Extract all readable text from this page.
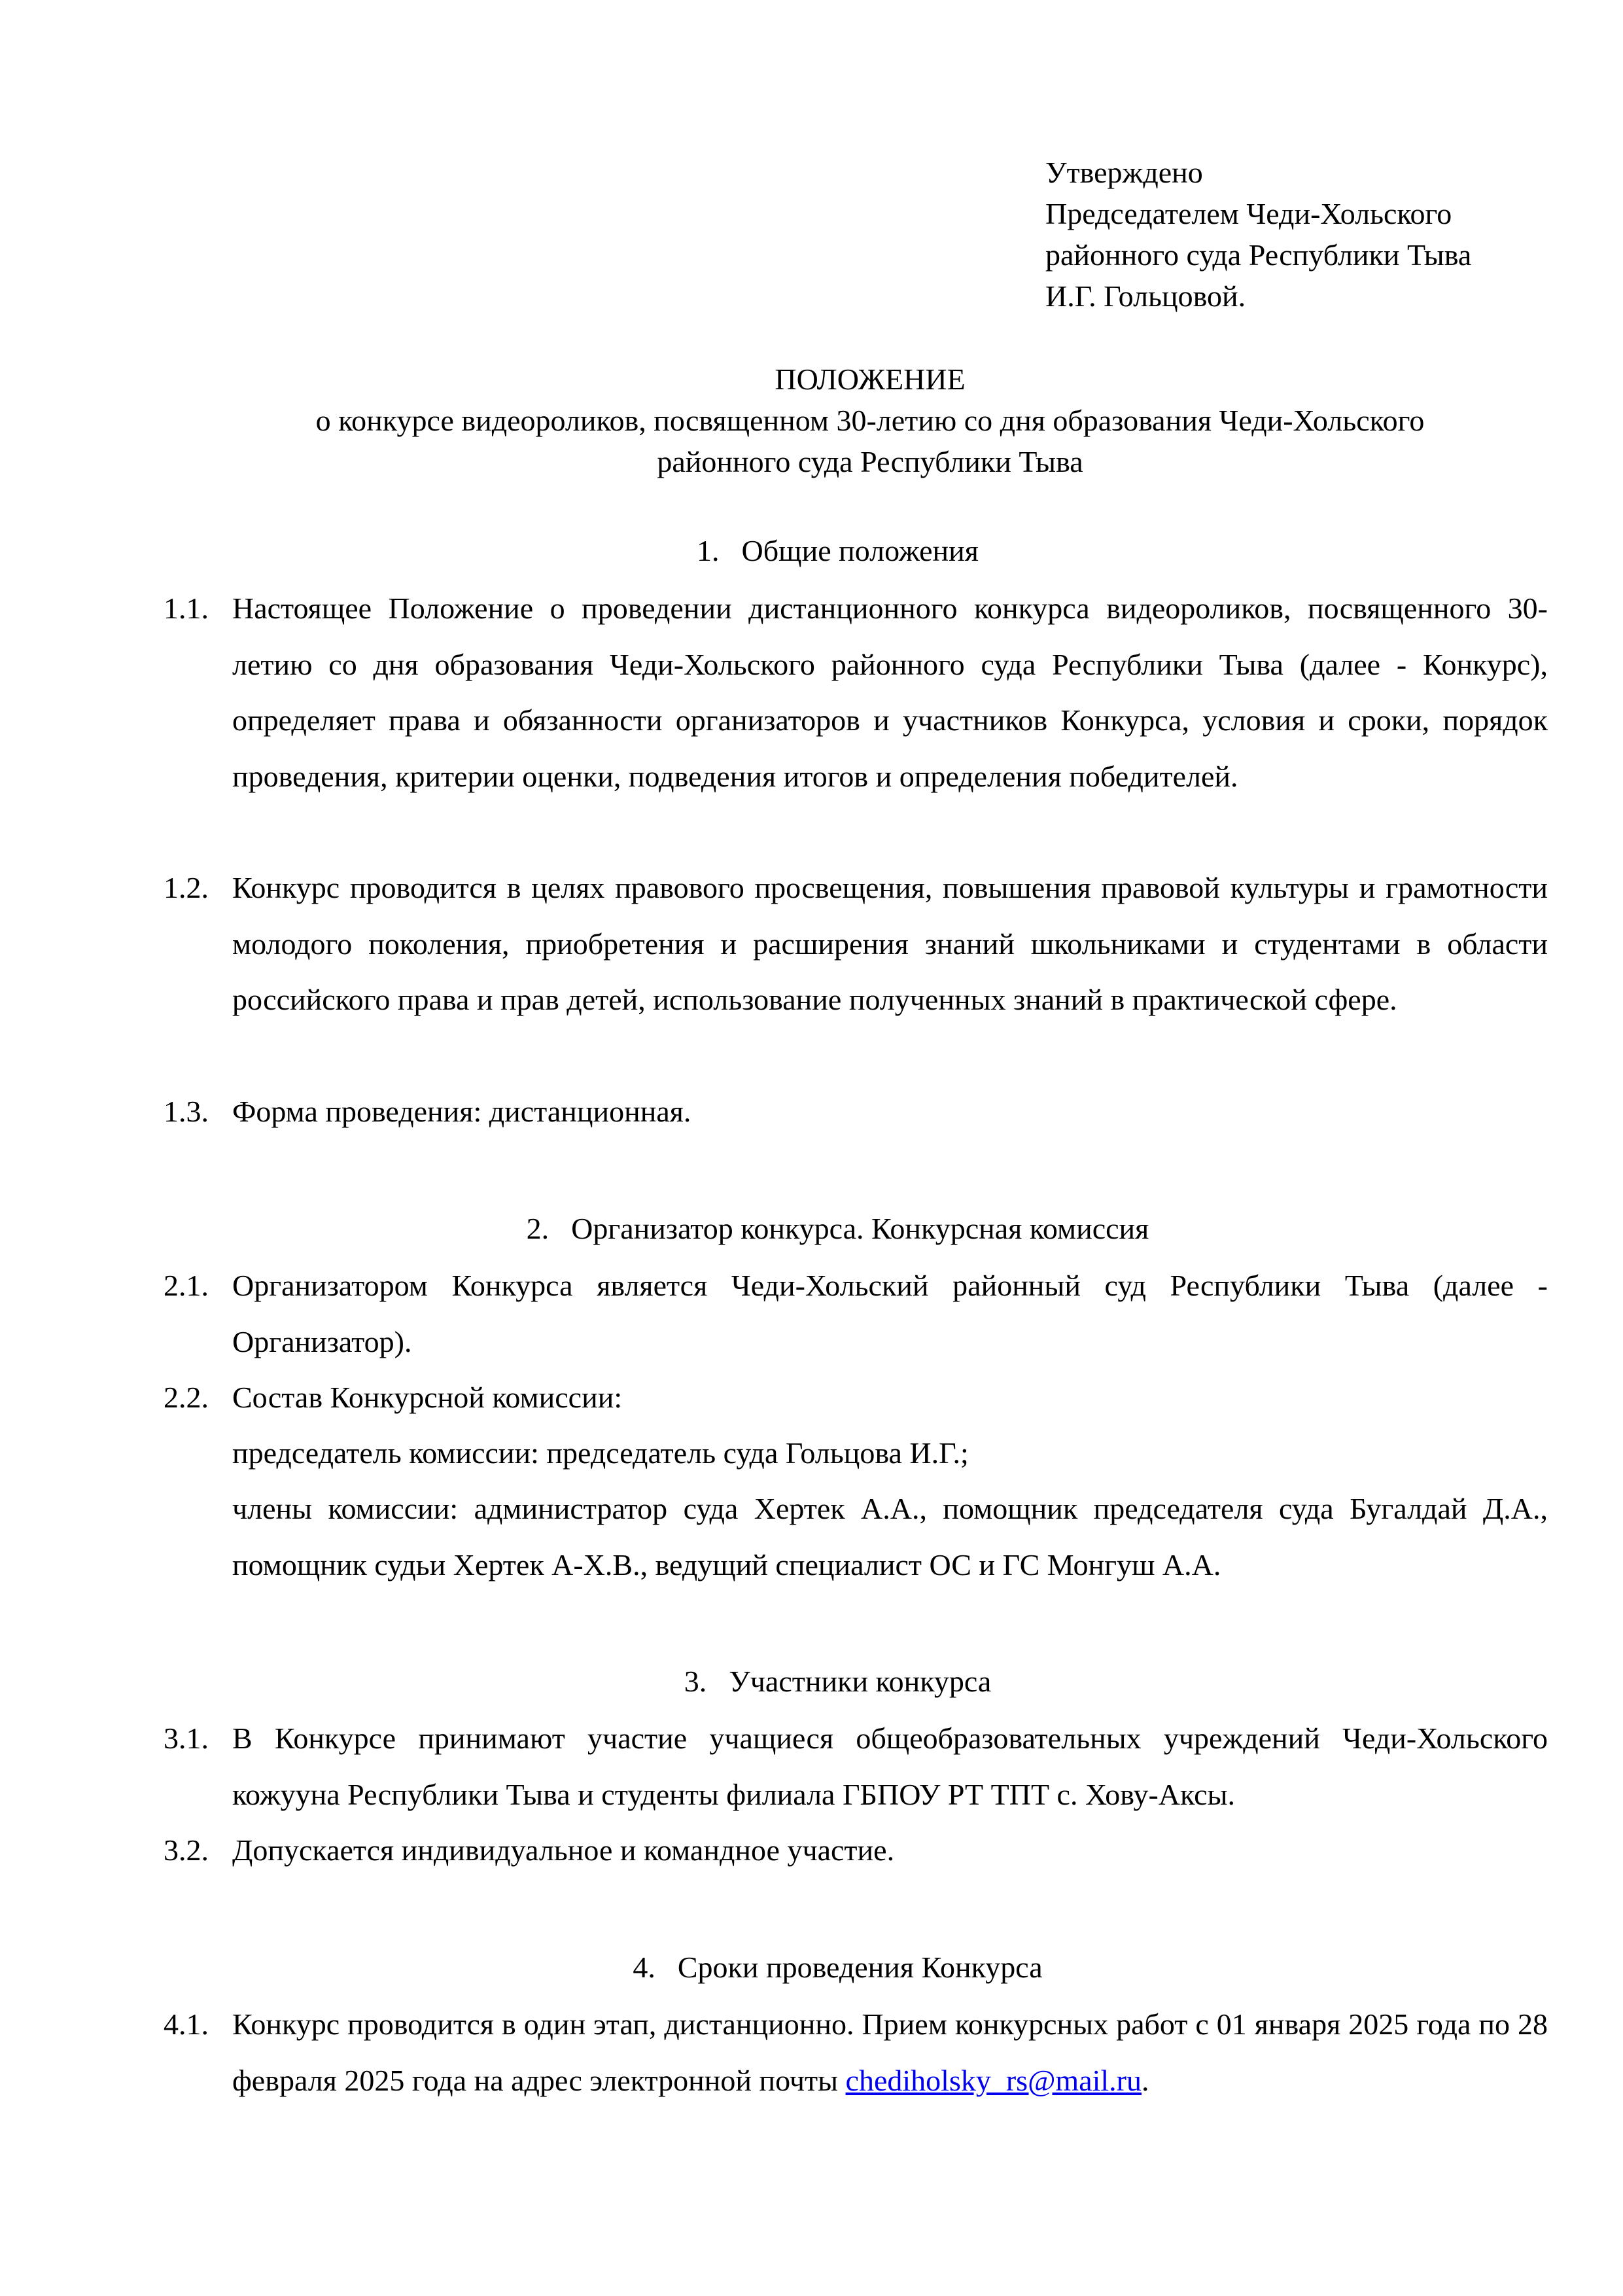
Утверждено
Председателем Чеди-Хольского
районного суда Республики Тыва
И.Г. Гольцовой.
ПОЛОЖЕНИЕ
о конкурсе видеороликов, посвященном 30-летию со дня образования Чеди-Хольского
районного суда Республики Тыва
1. Общие положения
1.1. Настоящее Положение о проведении дистанционного конкурса видеороликов, посвященного 30-летию со дня образования Чеди-Хольского районного суда Республики Тыва (далее - Конкурс), определяет права и обязанности организаторов и участников Конкурса, условия и сроки, порядок проведения, критерии оценки, подведения итогов и определения победителей.
1.2. Конкурс проводится в целях правового просвещения, повышения правовой культуры и грамотности молодого поколения, приобретения и расширения знаний школьниками и студентами в области российского права и прав детей, использование полученных знаний в практической сфере.
1.3. Форма проведения: дистанционная.
2. Организатор конкурса. Конкурсная комиссия
2.1. Организатором Конкурса является Чеди-Хольский районный суд Республики Тыва (далее - Организатор).
2.2. Состав Конкурсной комиссии:
председатель комиссии: председатель суда Гольцова И.Г.;
члены комиссии: администратор суда Хертек А.А., помощник председателя суда Бугалдай Д.А., помощник судьи Хертек А-Х.В., ведущий специалист ОС и ГС Монгуш А.А.
3. Участники конкурса
3.1. В Конкурсе принимают участие учащиеся общеобразовательных учреждений Чеди-Хольского кожууна Республики Тыва и студенты филиала ГБПОУ РТ ТПТ с. Хову-Аксы.
3.2. Допускается индивидуальное и командное участие.
4. Сроки проведения Конкурса
4.1. Конкурс проводится в один этап, дистанционно. Прием конкурсных работ с 01 января 2025 года по 28 февраля 2025 года на адрес электронной почты chediholsky_rs@mail.ru.
